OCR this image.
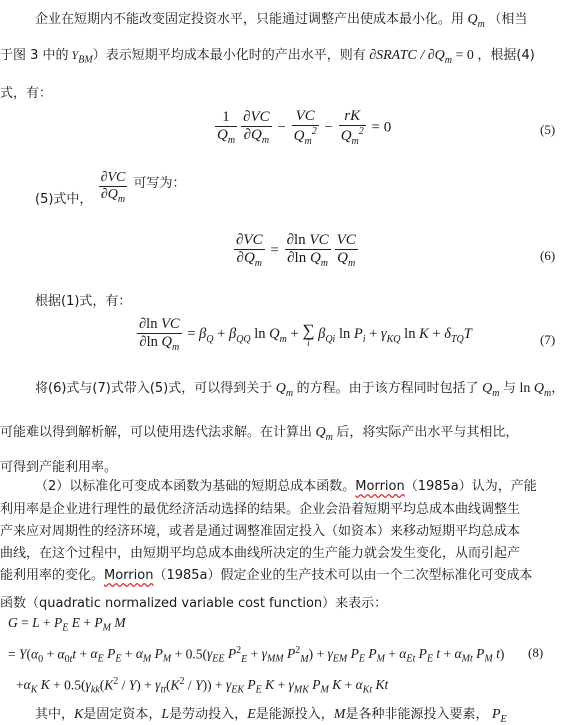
企业在短期内不能改变固定投资水平，只能通过调整产出使成本最小化。用 $Q_m$ （相当
于图 3 中的 $Y_{BM}$）表示短期平均成本最小化时的产出水平，则有 ∂SRATC / $\partial Q_m = 0$ ，根据(4)
式，有：
$\frac{1}{Q_m} \frac{\partial VC}{\partial Q_m} - \frac{VC}{Q_m^2} - \frac{rK}{Q_m^2} = 0$	(5)
(5)式中， $\frac{\partial VC}{\partial Q_m}$ 可写为：
$\frac{\partial VC}{\partial Q_m} = \frac{\text{∂ln VC}}{\partial\ln Q_m} \frac{VC}{Q_m}$	(6)
根据(1)式，有：
$\frac{\text{∂ln VC}}{\partial\ln Q_m} = \beta_Q + \beta_{QQ}$ $\ln Q_m$ + ∑
i
$\beta_{Qi}$ $\ln P_i + \gamma_{KQ}$ $\ln K + \delta_{TQ}T$	(7)
将(6)式与(7)式带入(5)式，可以得到关于 $Q_m$ 的方程。由于该方程同时包括了 $Q_m$ 与 $\ln Q_m$，
可能难以得到解析解，可以使用迭代法求解。在计算出 $Q_m$ 后，将实际产出水平与其相比，
可得到产能利用率。
（2）以标准化可变成本函数为基础的短期总成本函数。Morrion（1985a）认为，产能
利用率是企业进行理性的最优经济活动选择的结果。企业会沿着短期平均总成本曲线调整生
产来应对周期性的经济环境，或者是通过调整准固定投入（如资本）来移动短期平均总成本
曲线，在这个过程中，由短期平均总成本曲线所决定的生产能力就会发生变化，从而引起产
能利用率的变化。Morrion（1985a）假定企业的生产技术可以由一个二次型标准化可变成本
函数（quadratic normalized variable cost function）来表示：
$G = L + P_E$ $E + P_M$ M
= $Y(\alpha_0 + \alpha_{0t}t + \alpha_E$ $P_E + \alpha_M$ $P_M + 0.5(\gamma_{EE}$ $P^2_E + \gamma_{MM}$ $P^2_M) + \gamma_{EM}$ $P_E$ $P_M + \alpha_{Et}$ $P_E$ $t + \alpha_{Mt}$ $P_M$ t)
$+\alpha_K$ $K + 0.5(\gamma_{kk}(K^2 / Y) + \gamma_{tt}(K^2 / Y)) + \gamma_{EK}$ $P_E$ $K + \gamma_{MK}$ $P_M$ $K + \alpha_{Kt}$ Kt
(8)
其中，K是固定资本，L是劳动投入，E是能源投入，M是各种非能源投入要素， $P_E$
